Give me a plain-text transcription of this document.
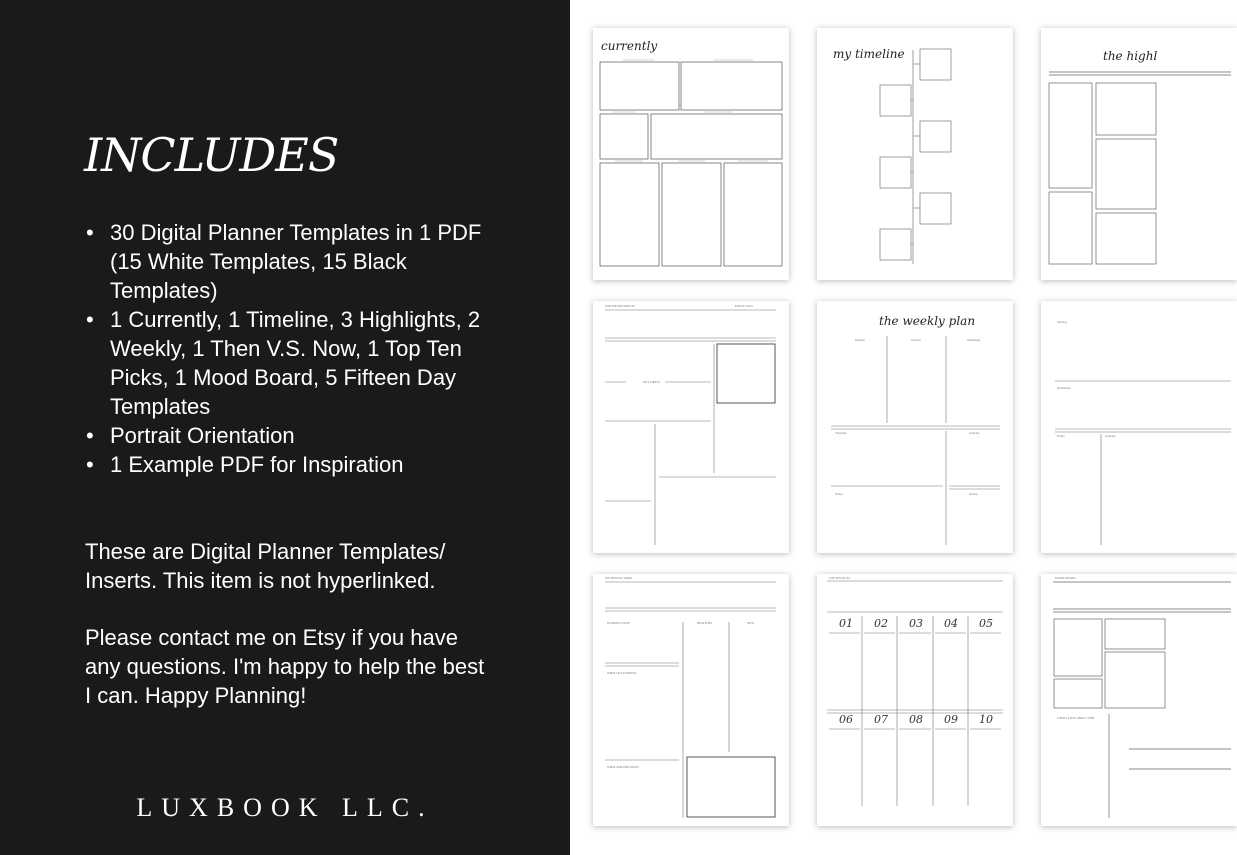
INCLUDES
• 30 Digital Planner Templates in 1 PDF (15 White Templates, 15 Black Templates)
• 1 Currently, 1 Timeline, 3 Highlights, 2 Weekly, 1 Then V.S. Now, 1 Top Ten Picks, 1 Mood Board, 5 Fifteen Day Templates
• Portrait Orientation
• 1 Example PDF for Inspiration

These are Digital Planner Templates/ Inserts. This item is not hyperlinked.

Please contact me on Etsy if you have any questions. I'm happy to help the best I can. Happy Planning!

LUXBOOK LLC.
currently
my timeline	the highl
FOR THE RECORD OF	ENJOY LOGS
NOT LIKELY
the weekly plan
Monday	Tuesday	Wednesday
Thursday	Saturday
Friday	Sunday
Monday
Wednesday
Friday	Saturday
MY MENTAL WORK
INTRODUCTION	REALITIES	NOW
WHAT I'M LEARNING
WHAT MATTERS MOST
TOP TEN PICKS
01 02 03 04 05
06 07 08 09 10
MOOD BOARD
WHAT I LOVE ABOUT THIS
